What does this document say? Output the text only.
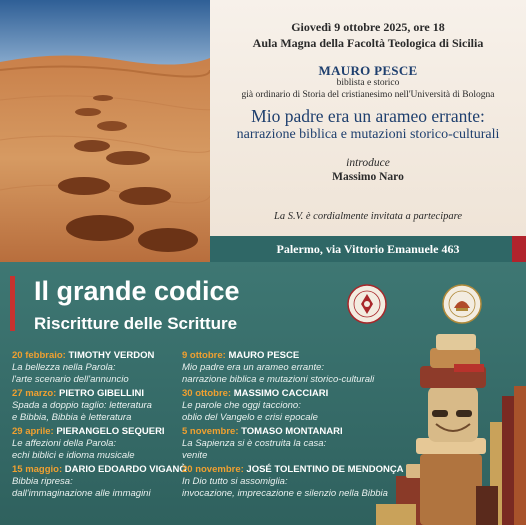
Giovedì 9 ottobre 2025, ore 18
Aula Magna della Facoltà Teologica di Sicilia
MAURO PESCE
biblista e storico
già ordinario di Storia del cristianesimo nell'Università di Bologna
Mio padre era un arameo errante:
narrazione biblica e mutazioni storico-culturali
introduce
Massimo Naro
La S.V. è cordialmente invitata a partecipare
Palermo, via Vittorio Emanuele 463
Il grande codice
Riscritture delle Scritture
20 febbraio: TIMOTHY VERDON
La bellezza nella Parola:
l'arte scenario dell'annuncio
27 marzo: PIETRO GIBELLINI
Spada a doppio taglio: letteratura
e Bibbia, Bibbia è letteratura
29 aprile: PIERANGELO SEQUERI
Le affezioni della Parola:
echi biblici e idioma musicale
15 maggio: DARIO EDOARDO VIGANÒ
Bibbia ripresa:
dall'immaginazione alle immagini
9 ottobre: MAURO PESCE
Mio padre era un arameo errante:
narrazione biblica e mutazioni storico-culturali
30 ottobre: MASSIMO CACCIARI
Le parole che oggi tacciono:
oblio del Vangelo e crisi epocale
5 novembre: TOMASO MONTANARI
La Sapienza si è costruita la casa:
venite
20 novembre: JOSÉ TOLENTINO DE MENDONÇA
In Dio tutto si assomiglia:
invocazione, imprecazione e silenzio nella Bibbia
